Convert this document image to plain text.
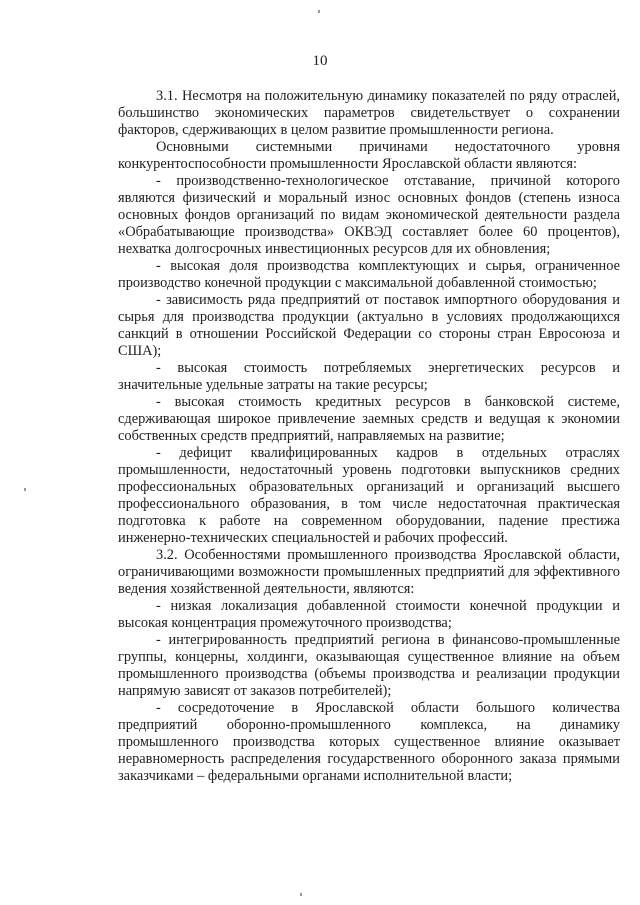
10

3.1. Несмотря на положительную динамику показателей по ряду отраслей, большинство экономических параметров свидетельствует о сохранении факторов, сдерживающих в целом развитие промышленности региона.

Основными системными причинами недостаточного уровня конкурентоспособности промышленности Ярославской области являются:

- производственно-технологическое отставание, причиной которого являются физический и моральный износ основных фондов (степень износа основных фондов организаций по видам экономической деятельности раздела «Обрабатывающие производства» ОКВЭД составляет более 60 процентов), нехватка долгосрочных инвестиционных ресурсов для их обновления;

- высокая доля производства комплектующих и сырья, ограниченное производство конечной продукции с максимальной добавленной стоимостью;

- зависимость ряда предприятий от поставок импортного оборудования и сырья для производства продукции (актуально в условиях продолжающихся санкций в отношении Российской Федерации со стороны стран Евросоюза и США);

- высокая стоимость потребляемых энергетических ресурсов и значительные удельные затраты на такие ресурсы;

- высокая стоимость кредитных ресурсов в банковской системе, сдерживающая широкое привлечение заемных средств и ведущая к экономии собственных средств предприятий, направляемых на развитие;

- дефицит квалифицированных кадров в отдельных отраслях промышленности, недостаточный уровень подготовки выпускников средних профессиональных образовательных организаций и организаций высшего профессионального образования, в том числе недостаточная практическая подготовка к работе на современном оборудовании, падение престижа инженерно-технических специальностей и рабочих профессий.

3.2. Особенностями промышленного производства Ярославской области, ограничивающими возможности промышленных предприятий для эффективного ведения хозяйственной деятельности, являются:

- низкая локализация добавленной стоимости конечной продукции и высокая концентрация промежуточного производства;

- интегрированность предприятий региона в финансово-промышленные группы, концерны, холдинги, оказывающая существенное влияние на объем промышленного производства (объемы производства и реализации продукции напрямую зависят от заказов потребителей);

- сосредоточение в Ярославской области большого количества предприятий оборонно-промышленного комплекса, на динамику промышленного производства которых существенное влияние оказывает неравномерность распределения государственного оборонного заказа прямыми заказчиками – федеральными органами исполнительной власти;
